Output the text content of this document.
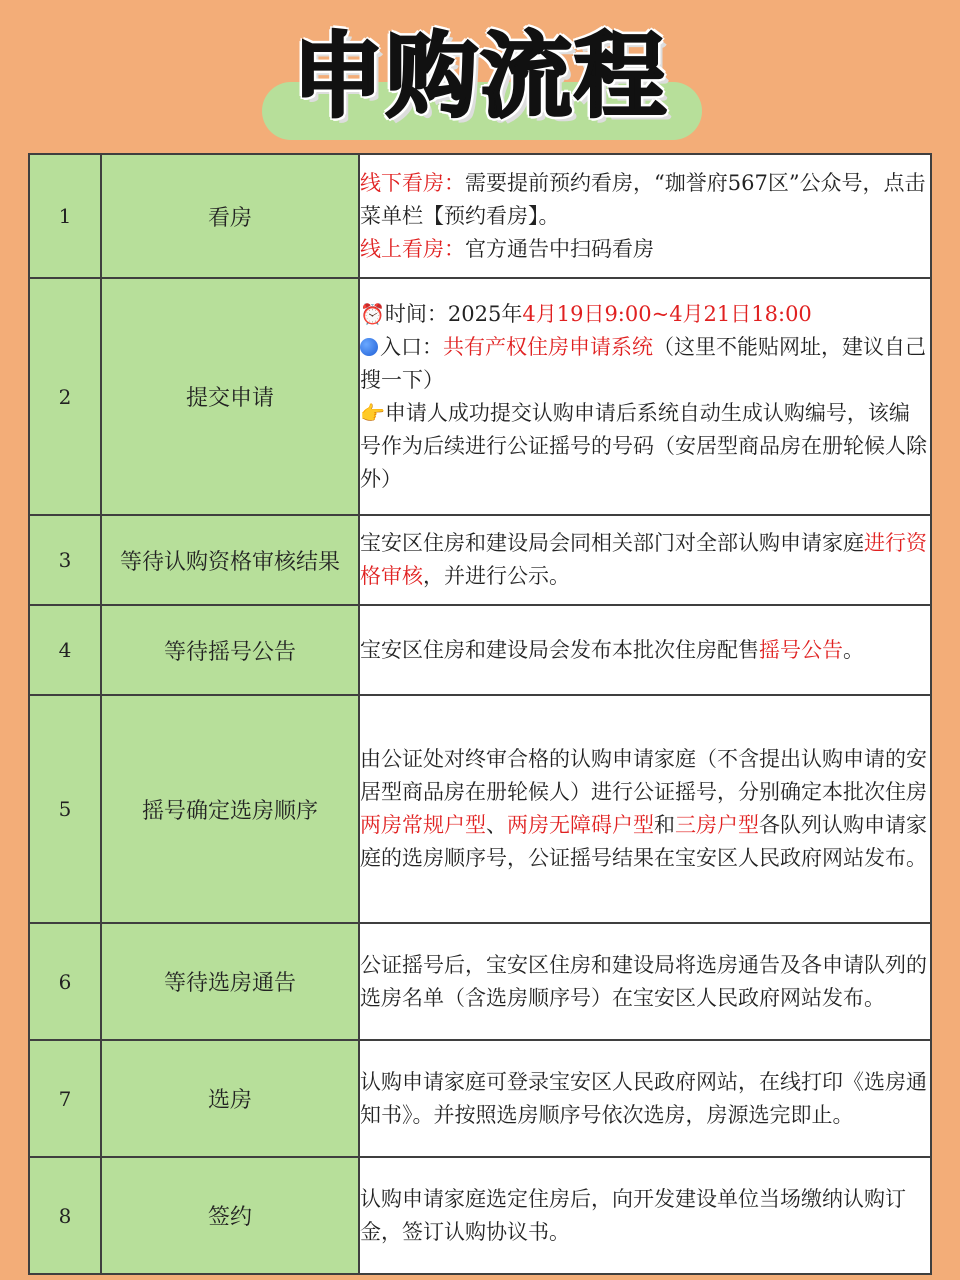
申购流程
1	看房	线下看房：需要提前预约看房，“珈誉府567区”公众号，点击菜单栏【预约看房】。
线上看房：官方通告中扫码看房

2	提交申请	⏰时间：2025年4月19日9:00~4月21日18:00
入口：共有产权住房申请系统（这里不能贴网址，建议自己搜一下）
👉申请人成功提交认购申请后系统自动生成认购编号，该编号作为后续进行公证摇号的号码（安居型商品房在册轮候人除外）

3	等待认购资格审核结果	宝安区住房和建设局会同相关部门对全部认购申请家庭进行资格审核，并进行公示。
4	等待摇号公告	宝安区住房和建设局会发布本批次住房配售摇号公告。
5	摇号确定选房顺序	由公证处对终审合格的认购申请家庭（不含提出认购申请的安居型商品房在册轮候人）进行公证摇号，分别确定本批次住房两房常规户型、两房无障碍户型和三房户型各队列认购申请家庭的选房顺序号，公证摇号结果在宝安区人民政府网站发布。
6	等待选房通告	公证摇号后，宝安区住房和建设局将选房通告及各申请队列的选房名单（含选房顺序号）在宝安区人民政府网站发布。
7	选房	认购申请家庭可登录宝安区人民政府网站，在线打印《选房通知书》。并按照选房顺序号依次选房，房源选完即止。
8	签约	认购申请家庭选定住房后，向开发建设单位当场缴纳认购订金，签订认购协议书。
